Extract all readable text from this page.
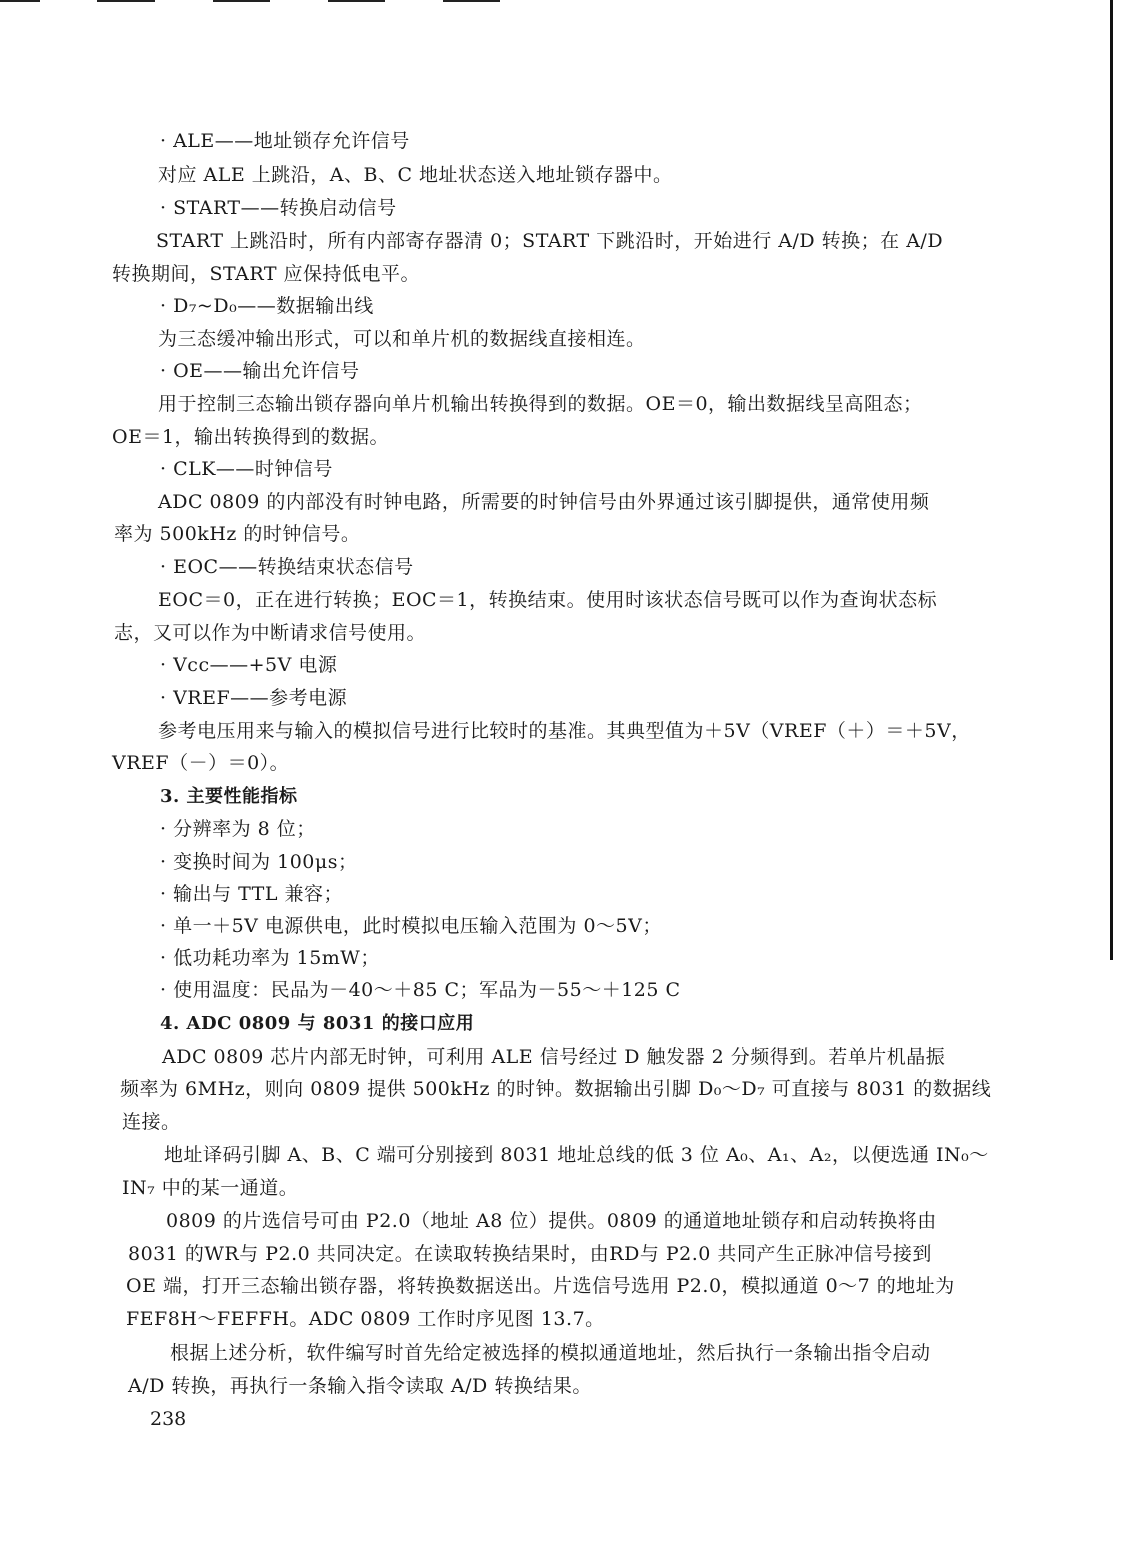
· ALE——地址锁存允许信号
对应 ALE 上跳沿，A、B、C 地址状态送入地址锁存器中。
· START——转换启动信号
START 上跳沿时，所有内部寄存器清 0；START 下跳沿时，开始进行 A/D 转换；在 A/D
转换期间，START 应保持低电平。
· D₇~D₀——数据输出线
为三态缓冲输出形式，可以和单片机的数据线直接相连。
· OE——输出允许信号
用于控制三态输出锁存器向单片机输出转换得到的数据。OE＝0，输出数据线呈高阻态；
OE＝1，输出转换得到的数据。
· CLK——时钟信号
ADC 0809 的内部没有时钟电路，所需要的时钟信号由外界通过该引脚提供，通常使用频
率为 500kHz 的时钟信号。
· EOC——转换结束状态信号
EOC＝0，正在进行转换；EOC＝1，转换结束。使用时该状态信号既可以作为查询状态标
志，又可以作为中断请求信号使用。
· Vcc——+5V 电源
· VREF——参考电源
参考电压用来与输入的模拟信号进行比较时的基准。其典型值为＋5V（VREF（＋）＝＋5V，
VREF（－）＝0）。
3. 主要性能指标
· 分辨率为 8 位；
· 变换时间为 100μs；
· 输出与 TTL 兼容；
· 单一＋5V 电源供电，此时模拟电压输入范围为 0～5V；
· 低功耗功率为 15mW；
· 使用温度：民品为－40～＋85 C；军品为－55～＋125 C
4. ADC 0809 与 8031 的接口应用
ADC 0809 芯片内部无时钟，可利用 ALE 信号经过 D 触发器 2 分频得到。若单片机晶振
频率为 6MHz，则向 0809 提供 500kHz 的时钟。数据输出引脚 D₀～D₇ 可直接与 8031 的数据线
连接。
地址译码引脚 A、B、C 端可分别接到 8031 地址总线的低 3 位 A₀、A₁、A₂，以便选通 IN₀～
IN₇ 中的某一通道。
0809 的片选信号可由 P2.0（地址 A8 位）提供。0809 的通道地址锁存和启动转换将由
8031 的WR与 P2.0 共同决定。在读取转换结果时，由RD与 P2.0 共同产生正脉冲信号接到
OE 端，打开三态输出锁存器，将转换数据送出。片选信号选用 P2.0，模拟通道 0～7 的地址为
FEF8H～FEFFH。ADC 0809 工作时序见图 13.7。
根据上述分析，软件编写时首先给定被选择的模拟通道地址，然后执行一条输出指令启动
A/D 转换，再执行一条输入指令读取 A/D 转换结果。
238
